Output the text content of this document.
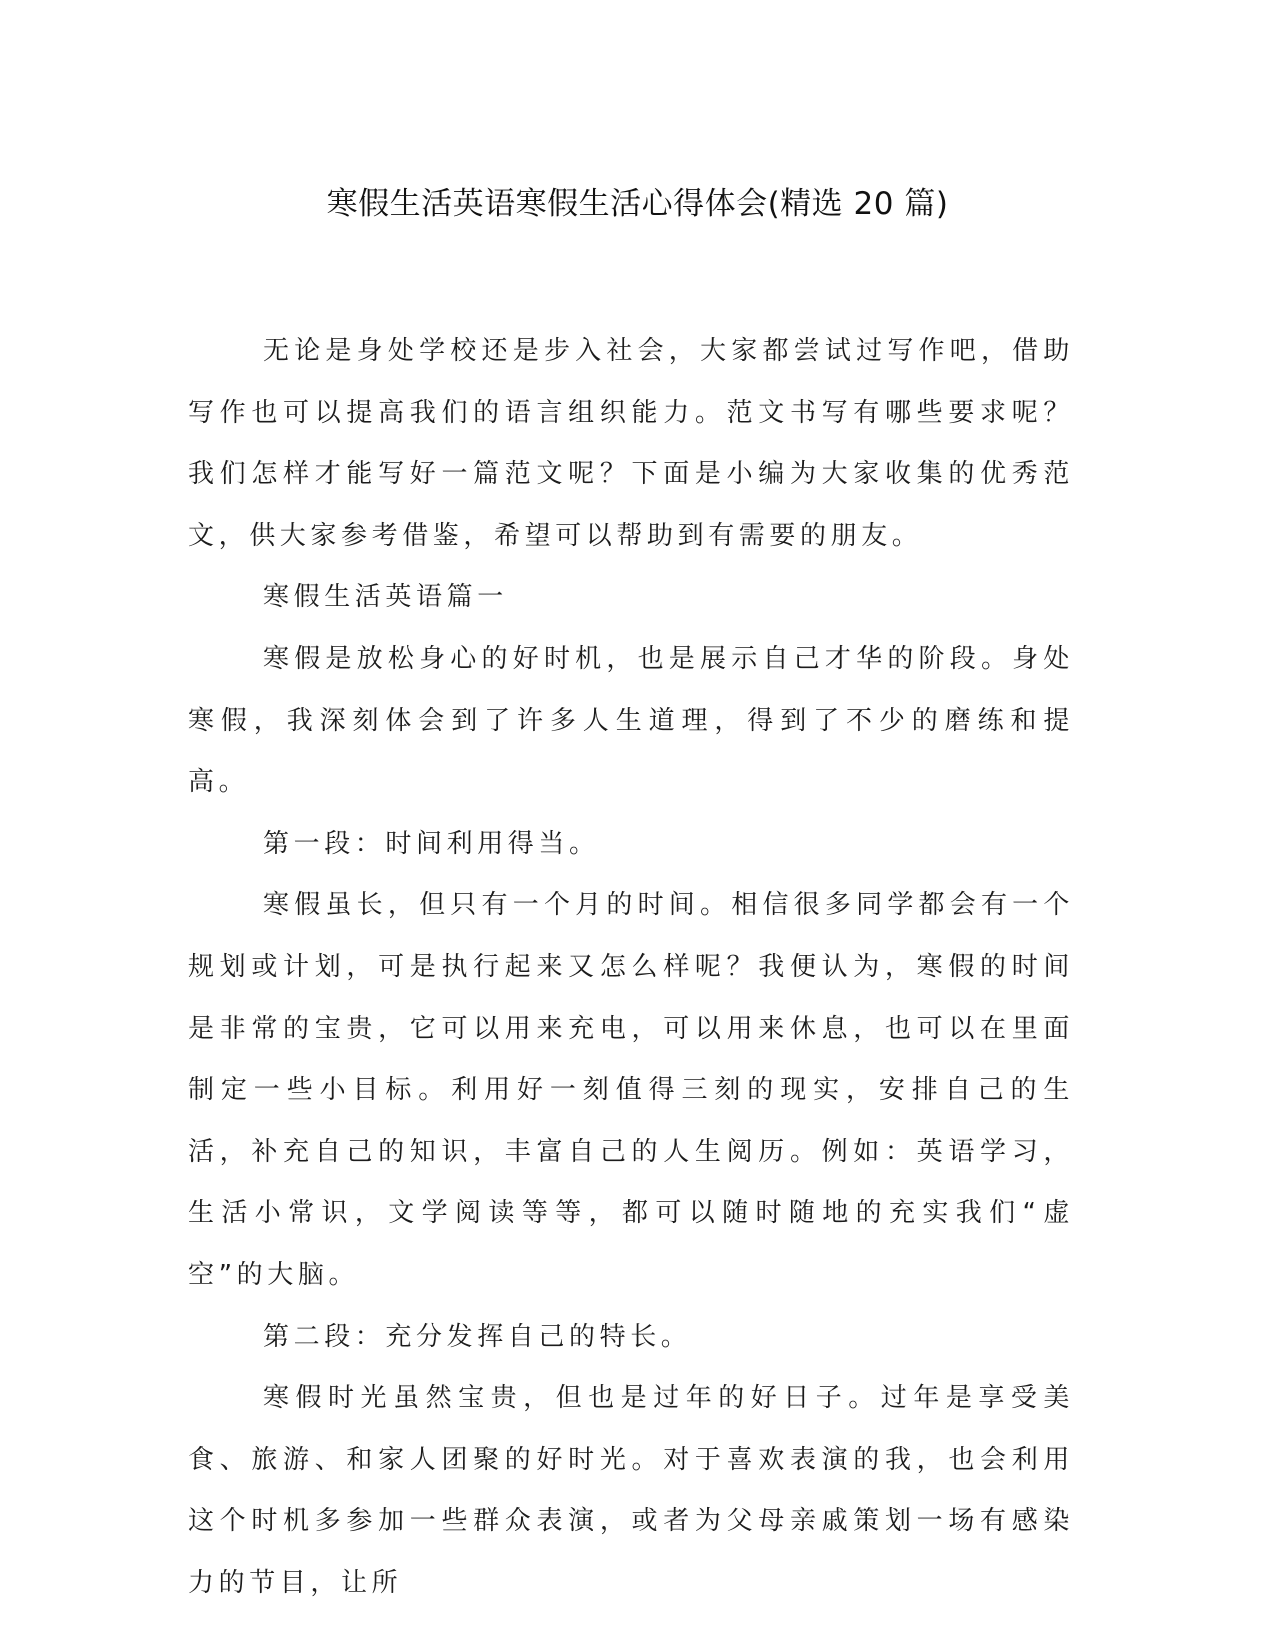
寒假生活英语寒假生活心得体会(精选 20 篇)

无论是身处学校还是步入社会，大家都尝试过写作吧，借助写作也可以提高我们的语言组织能力。范文书写有哪些要求呢？我们怎样才能写好一篇范文呢？下面是小编为大家收集的优秀范文，供大家参考借鉴，希望可以帮助到有需要的朋友。

寒假生活英语篇一

寒假是放松身心的好时机，也是展示自己才华的阶段。身处寒假，我深刻体会到了许多人生道理，得到了不少的磨练和提高。

第一段：时间利用得当。

寒假虽长，但只有一个月的时间。相信很多同学都会有一个规划或计划，可是执行起来又怎么样呢？我便认为，寒假的时间是非常的宝贵，它可以用来充电，可以用来休息，也可以在里面制定一些小目标。利用好一刻值得三刻的现实，安排自己的生活，补充自己的知识，丰富自己的人生阅历。例如：英语学习，生活小常识，文学阅读等等，都可以随时随地的充实我们“虚空”的大脑。

第二段：充分发挥自己的特长。

寒假时光虽然宝贵，但也是过年的好日子。过年是享受美食、旅游、和家人团聚的好时光。对于喜欢表演的我，也会利用这个时机多参加一些群众表演，或者为父母亲戚策划一场有感染力的节目，让所
